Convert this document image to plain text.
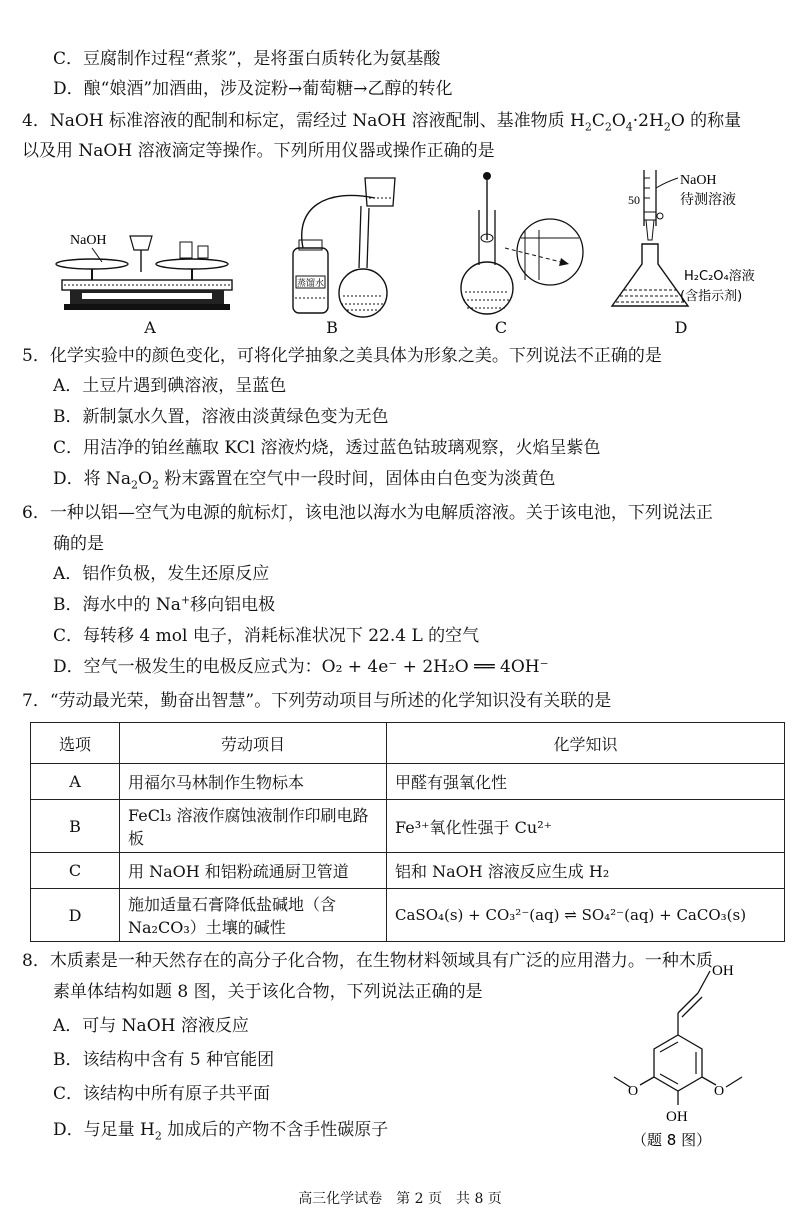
C．豆腐制作过程“煮浆”，是将蛋白质转化为氨基酸
D．酿“娘酒”加酒曲，涉及淀粉→葡萄糖→乙醇的转化
4．NaOH 标准溶液的配制和标定，需经过 NaOH 溶液配制、基准物质 $H_2C_2O_4\cdot 2H_2O$ 的称量
以及用 NaOH 溶液滴定等操作。下列所用仪器或操作正确的是
NaOH
A
蒸馏水
B	C
50
NaOH
待测溶液
H₂C₂O₄溶液
(含指示剂)
D
5．化学实验中的颜色变化，可将化学抽象之美具体为形象之美。下列说法不正确的是
A．土豆片遇到碘溶液，呈蓝色
B．新制氯水久置，溶液由淡黄绿色变为无色
C．用洁净的铂丝蘸取 KCl 溶液灼烧，透过蓝色钴玻璃观察，火焰呈紫色
D．将 $Na_2O_2$ 粉末露置在空气中一段时间，固体由白色变为淡黄色
6．一种以铝—空气为电源的航标灯，该电池以海水为电解质溶液。关于该电池，下列说法正
确的是
A．铝作负极，发生还原反应
B．海水中的 Na+移向铝电极
C．每转移 4 mol 电子，消耗标准状况下 22.4 L 的空气
D．空气一极发生的电极反应式为：O₂ + 4e⁻ + 2H₂O ══ 4OH⁻
7．“劳动最光荣，勤奋出智慧”。下列劳动项目与所述的化学知识没有关联的是
选项	劳动项目	化学知识
A	用福尔马林制作生物标本	甲醛有强氧化性
B	FeCl₃ 溶液作腐蚀液制作印刷电路板	Fe³⁺氧化性强于 Cu²⁺
C	用 NaOH 和铝粉疏通厨卫管道	铝和 NaOH 溶液反应生成 H₂
D	施加适量石膏降低盐碱地（含 Na₂CO₃）土壤的碱性	CaSO₄(s) + CO₃²⁻(aq) ⇌ SO₄²⁻(aq) + CaCO₃(s)
8．木质素是一种天然存在的高分子化合物，在生物材料领域具有广泛的应用潜力。一种木质
素单体结构如题 8 图，关于该化合物，下列说法正确的是
A．可与 NaOH 溶液反应
B．该结构中含有 5 种官能团
C．该结构中所有原子共平面
D．与足量 $H_2$ 加成后的产物不含手性碳原子
OH
O
O
OH
（题 8 图）
高三化学试卷　第 2 页　共 8 页
